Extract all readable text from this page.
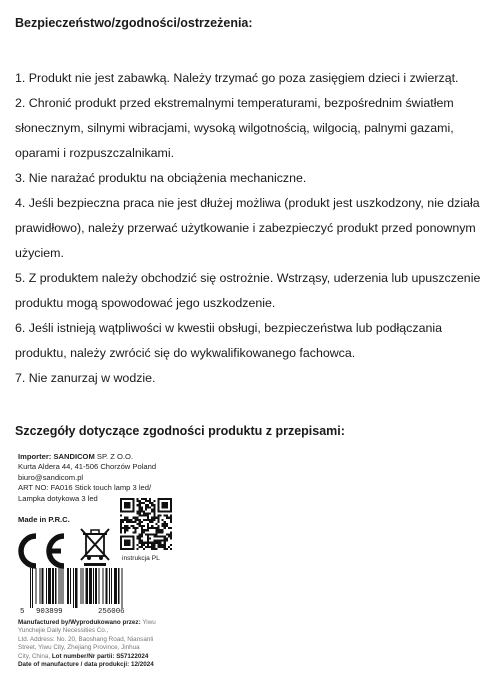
Bezpieczeństwo/zgodności/ostrzeżenia:

1. Produkt nie jest zabawką. Należy trzymać go poza zasięgiem dzieci i zwierząt.

2. Chronić produkt przed ekstremalnymi temperaturami, bezpośrednim światłem słonecznym, silnymi wibracjami, wysoką wilgotnością, wilgocią, palnymi gazami, oparami i rozpuszczalnikami.

3. Nie narażać produktu na obciążenia mechaniczne.

4. Jeśli bezpieczna praca nie jest dłużej możliwa (produkt jest uszkodzony, nie działa prawidłowo), należy przerwać użytkowanie i zabezpieczyć produkt przed ponownym użyciem.

5. Z produktem należy obchodzić się ostrożnie. Wstrząsy, uderzenia lub upuszczenie produktu mogą spowodować jego uszkodzenie.

6. Jeśli istnieją wątpliwości w kwestii obsługi, bezpieczeństwa lub podłączania produktu, należy zwrócić się do wykwalifikowanego fachowca.

7. Nie zanurzaj w wodzie.

Szczegóły dotyczące zgodności produktu z przepisami:
Importer: SANDICOM SP. Z O.O.
Kurta Aldera 44, 41-506 Chorzów Poland
biuro@sandicom.pl
ART NO: FA016 Stick touch lamp 3 led/
Lampka dotykowa 3 led
Made in P.R.C.
instrukcja PL
5 903899	256006
Manufactured by/Wyprodukowano przez: Yiwu
Yunchejie Daily Necessities Co.,
Ltd. Address: No. 20, Baoshang Road, Niansanli
Street, Yiwu City, Zhejiang Province, Jinhua
City, China, Lot number/Nr partii: S57122024
Date of manufacture / data produkcji: 12/2024
